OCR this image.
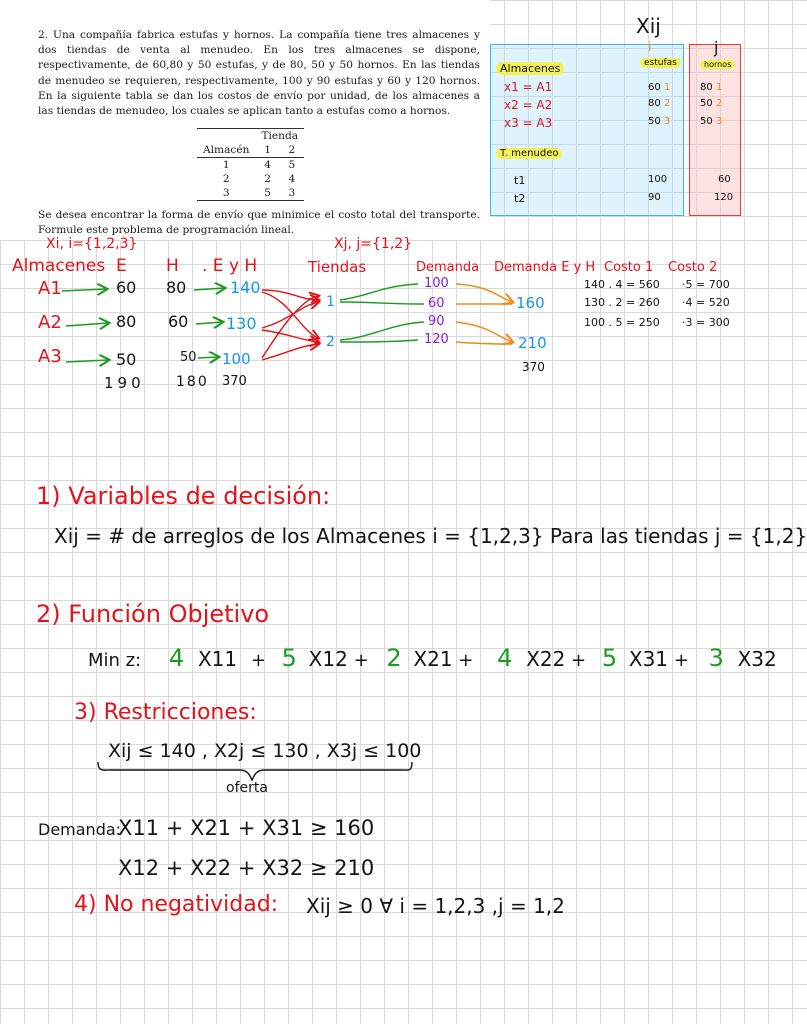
2. Una compañía fabrica estufas y hornos. La compañía tiene tres almacenes y dos tiendas de venta al menudeo. En los tres almacenes se dispone, respectivamente, de 60,80 y 50 estufas, y de 80, 50 y 50 hornos. En las tiendas de menudeo se requieren, respectivamente, 100 y 90 estufas y 60 y 120 hornos. En la siguiente tabla se dan los costos de envío por unidad, de los almacenes a las tiendas de menudeo, los cuales se aplican tanto a estufas como a hornos.

	Tienda	
Almacén	1	2
1	4	5
2	2	4
3	5	3

Se desea encontrar la forma de envío que minimice el costo total del transporte. Formule este problema de programación lineal.

Xij
i	j
estufas	hornos
Almacenes
x1 = A1
x2 = A2
x3 = A3
T. menudeo
t1
t2
60
80
50
100
90
1
2
3
80
50
50
60
120
1
2
3
Xi, i={1,2,3}	Xj, j={1,2}
Almacenes E H . E y H	Tiendas	Demanda Demanda E y H Costo 1 Costo 2
A1
A2
A3
60
80
50
190
80
60
50
180
140
130
100
370
1
2
100
60
90
120
160
210
370
140 . 4 = 560
130 . 2 = 260
100 . 5 = 250
·5 = 700
·4 = 520
·3 = 300
1) Variables de decisión:
Xij = # de arreglos de los Almacenes i = {1,2,3} Para las tiendas j = {1,2}
2) Función Objetivo
Min z: 4 X11 + 5 X12 + 2 X21 + 4 X22 + 5 X31 + 3 X32
3) Restricciones:
Xij ≤ 140 , X2j ≤ 130 , X3j ≤ 100
oferta
Demanda:
X11 + X21 + X31 ≥ 160
X12 + X22 + X32 ≥ 210
4) No negatividad: Xij ≥ 0 ∀ i = 1,2,3 ,j = 1,2
